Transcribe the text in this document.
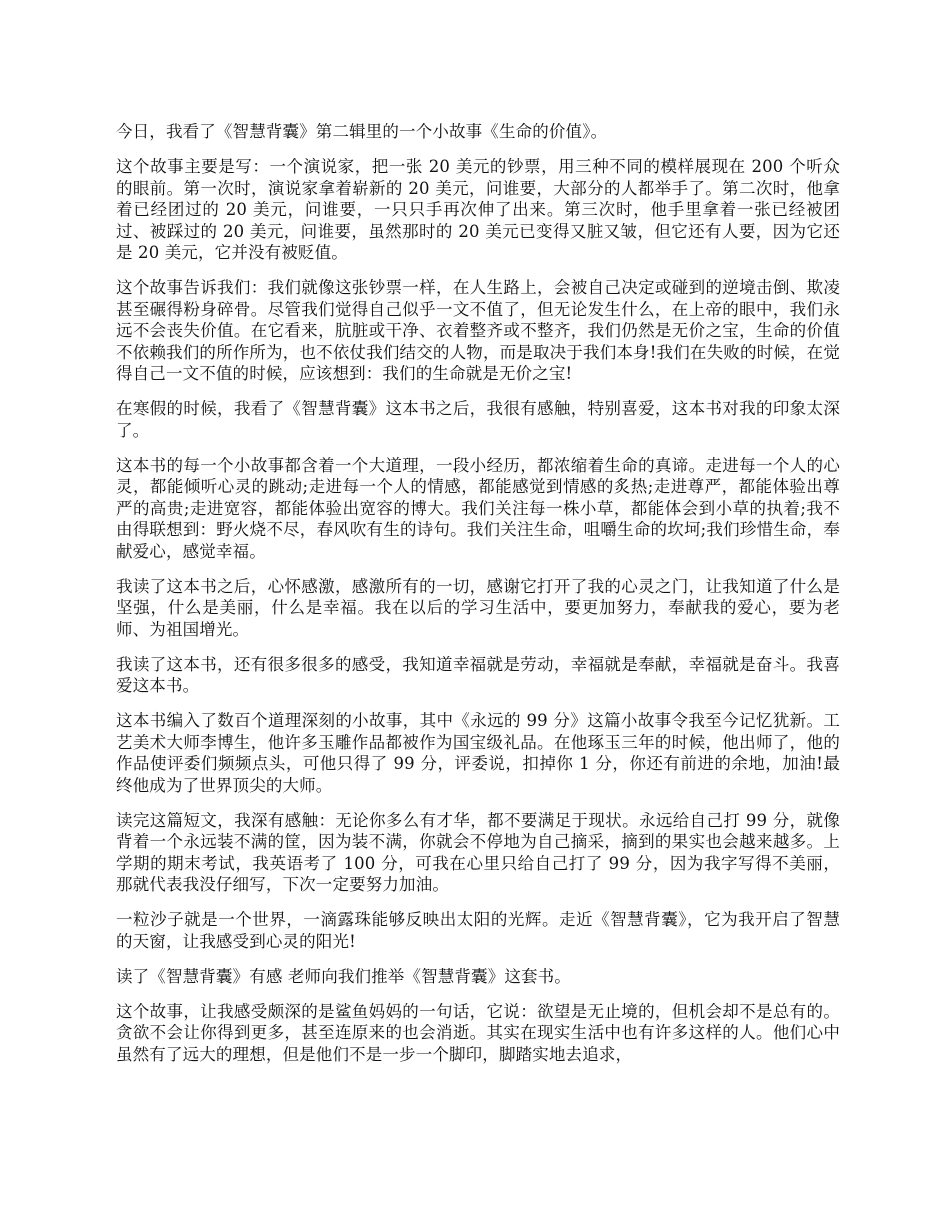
今日，我看了《智慧背囊》第二辑里的一个小故事《生命的价值》。

这个故事主要是写：一个演说家，把一张 20 美元的钞票，用三种不同的模样展现在 200 个听众的眼前。第一次时，演说家拿着崭新的 20 美元，问谁要，大部分的人都举手了。第二次时，他拿着已经团过的 20 美元，问谁要，一只只手再次伸了出来。第三次时，他手里拿着一张已经被团过、被踩过的 20 美元，问谁要，虽然那时的 20 美元已变得又脏又皱，但它还有人要，因为它还是 20 美元，它并没有被贬值。

这个故事告诉我们：我们就像这张钞票一样，在人生路上，会被自己决定或碰到的逆境击倒、欺凌甚至碾得粉身碎骨。尽管我们觉得自己似乎一文不值了，但无论发生什么，在上帝的眼中，我们永远不会丧失价值。在它看来，肮脏或干净、衣着整齐或不整齐，我们仍然是无价之宝，生命的价值不依赖我们的所作所为，也不依仗我们结交的人物，而是取决于我们本身!我们在失败的时候，在觉得自己一文不值的时候，应该想到：我们的生命就是无价之宝!

在寒假的时候，我看了《智慧背囊》这本书之后，我很有感触，特别喜爱，这本书对我的印象太深了。

这本书的每一个小故事都含着一个大道理，一段小经历，都浓缩着生命的真谛。走进每一个人的心灵，都能倾听心灵的跳动;走进每一个人的情感，都能感觉到情感的炙热;走进尊严，都能体验出尊严的高贵;走进宽容，都能体验出宽容的博大。我们关注每一株小草，都能体会到小草的执着;我不由得联想到：野火烧不尽，春风吹有生的诗句。我们关注生命，咀嚼生命的坎坷;我们珍惜生命，奉献爱心，感觉幸福。

我读了这本书之后，心怀感激，感激所有的一切，感谢它打开了我的心灵之门，让我知道了什么是坚强，什么是美丽，什么是幸福。我在以后的学习生活中，要更加努力，奉献我的爱心，要为老师、为祖国增光。

我读了这本书，还有很多很多的感受，我知道幸福就是劳动，幸福就是奉献，幸福就是奋斗。我喜爱这本书。

这本书编入了数百个道理深刻的小故事，其中《永远的 99 分》这篇小故事令我至今记忆犹新。工艺美术大师李博生，他许多玉雕作品都被作为国宝级礼品。在他琢玉三年的时候，他出师了，他的作品使评委们频频点头，可他只得了 99 分，评委说，扣掉你 1 分，你还有前进的余地，加油!最终他成为了世界顶尖的大师。

读完这篇短文，我深有感触：无论你多么有才华，都不要满足于现状。永远给自己打 99 分，就像背着一个永远装不满的筐，因为装不满，你就会不停地为自己摘采，摘到的果实也会越来越多。上学期的期末考试，我英语考了 100 分，可我在心里只给自己打了 99 分，因为我字写得不美丽，那就代表我没仔细写，下次一定要努力加油。

一粒沙子就是一个世界，一滴露珠能够反映出太阳的光辉。走近《智慧背囊》，它为我开启了智慧的天窗，让我感受到心灵的阳光!

读了《智慧背囊》有感 老师向我们推举《智慧背囊》这套书。

这个故事，让我感受颇深的是鲨鱼妈妈的一句话，它说：欲望是无止境的，但机会却不是总有的。贪欲不会让你得到更多，甚至连原来的也会消逝。其实在现实生活中也有许多这样的人。他们心中虽然有了远大的理想，但是他们不是一步一个脚印，脚踏实地去追求，
